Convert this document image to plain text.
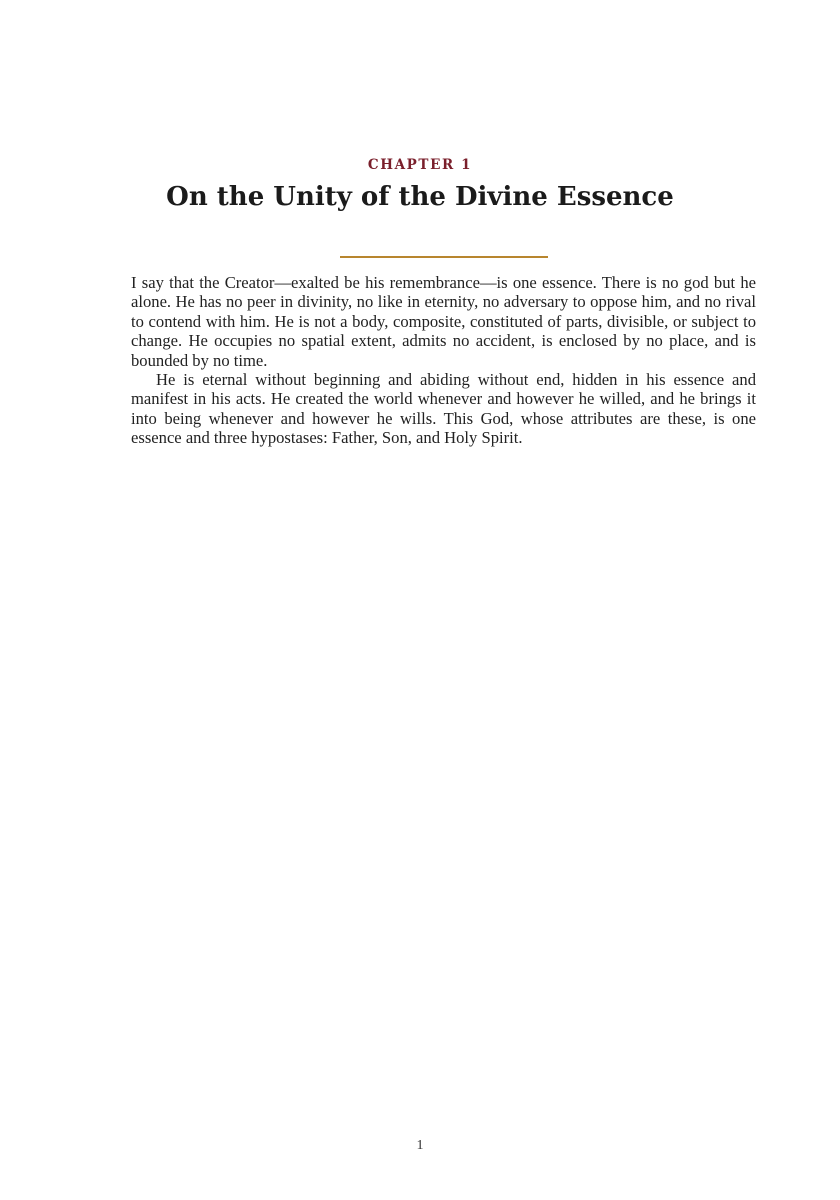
CHAPTER 1
On the Unity of the Divine Essence

I say that the Creator—exalted be his remembrance—is one essence. There is no god but he alone. He has no peer in divinity, no like in eternity, no adversary to oppose him, and no rival to contend with him. He is not a body, composite, constituted of parts, divisible, or subject to change. He occupies no spatial extent, admits no accident, is enclosed by no place, and is bounded by no time.

He is eternal without beginning and abiding without end, hidden in his essence and manifest in his acts. He created the world whenever and however he willed, and he brings it into being whenever and however he wills. This God, whose attributes are these, is one essence and three hypostases: Father, Son, and Holy Spirit.

1
